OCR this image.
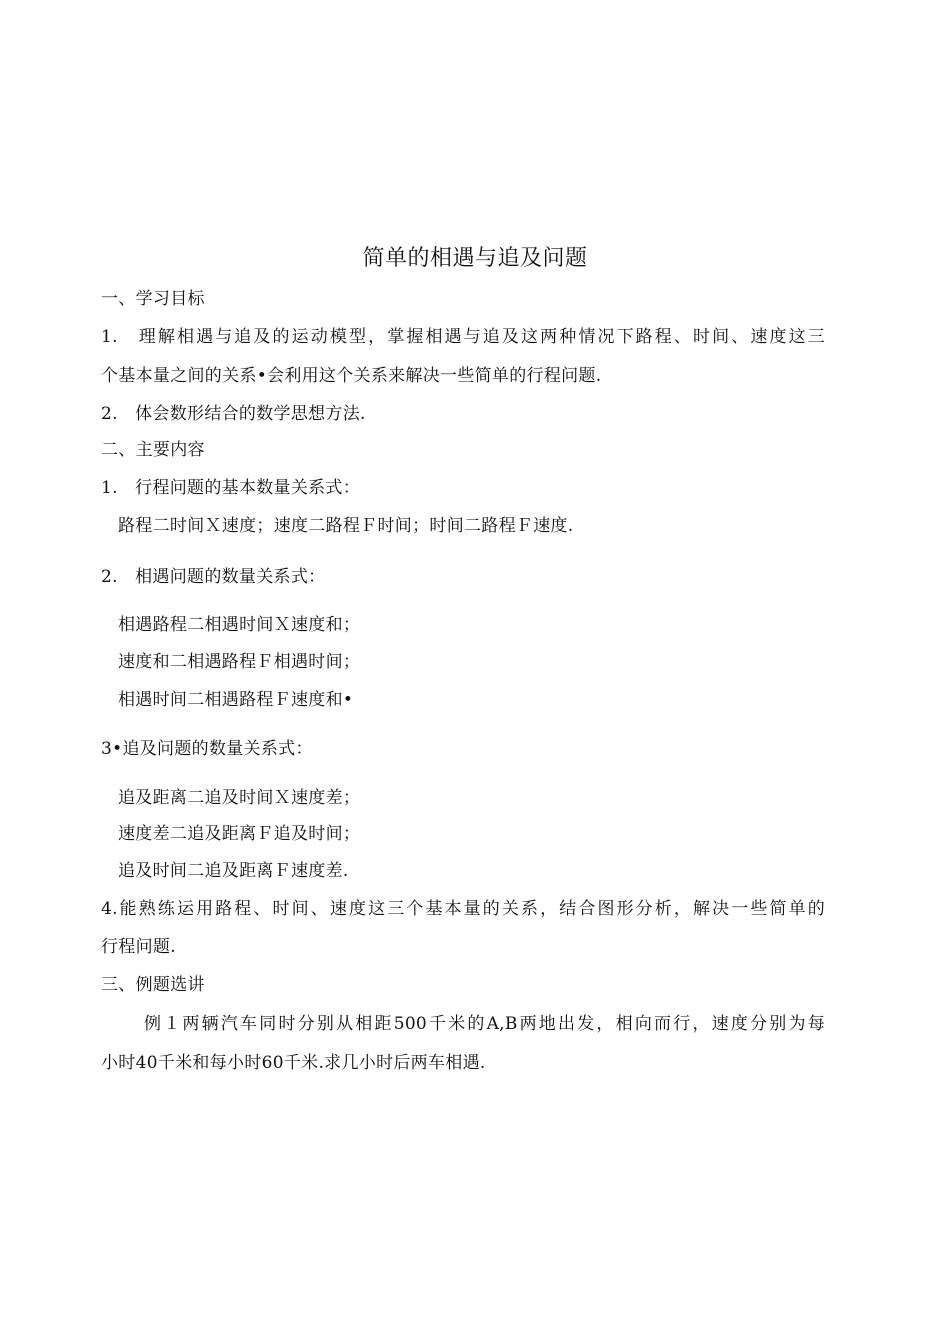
简单的相遇与追及问题
一、学习目标
1.　理解相遇与追及的运动模型，掌握相遇与追及这两种情况下路程、时间、速度这三
个基本量之间的关系•会利用这个关系来解决一些简单的行程问题.
2.　体会数形结合的数学思想方法.
二、主要内容
1.　行程问题的基本数量关系式：
路程二时间Ｘ速度；速度二路程Ｆ时间；时间二路程Ｆ速度.
2.　相遇问题的数量关系式：
相遇路程二相遇时间Ｘ速度和；
速度和二相遇路程Ｆ相遇时间；
相遇时间二相遇路程Ｆ速度和•
3•追及问题的数量关系式：
追及距离二追及时间Ｘ速度差；
速度差二追及距离Ｆ追及时间；
追及时间二追及距离Ｆ速度差.
4.能熟练运用路程、时间、速度这三个基本量的关系，结合图形分析，解决一些简单的
行程问题.
三、例题选讲
例１两辆汽车同时分别从相距500千米的A,B两地出发，相向而行，速度分别为每
小时40千米和每小时60千米.求几小时后两车相遇.
